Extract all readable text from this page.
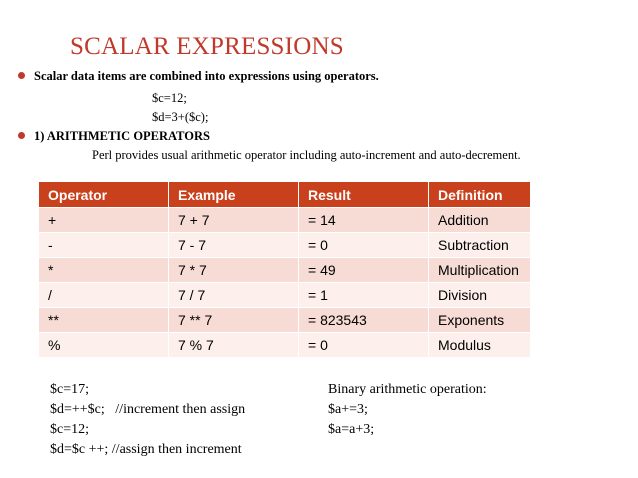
SCALAR EXPRESSIONS
Scalar data items are combined into expressions using operators.
$c=12;
$d=3+($c);
1) ARITHMETIC OPERATORS
Perl provides usual arithmetic operator including auto-increment and auto-decrement.
Operator	Example	Result	Definition
+	7 + 7	= 14	Addition
-	7 - 7	= 0	Subtraction
*	7 * 7	= 49	Multiplication
/	7 / 7	= 1	Division
**	7 ** 7	= 823543	Exponents
%	7 % 7	= 0	Modulus
$c=17;
$d=++$c;   //increment then assign
$c=12;
$d=$c ++; //assign then increment
Binary arithmetic operation:
$a+=3;
$a=a+3;
